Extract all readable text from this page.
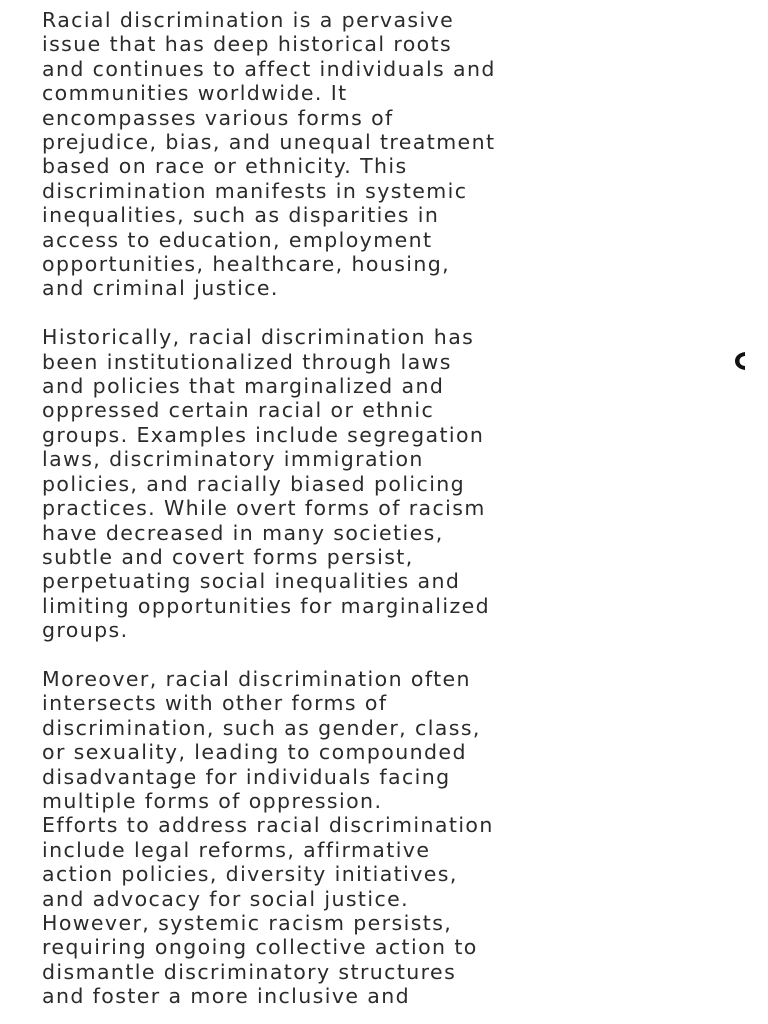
Racial discrimination is a pervasive
issue that has deep historical roots
and continues to affect individuals and
communities worldwide. It
encompasses various forms of
prejudice, bias, and unequal treatment
based on race or ethnicity. This
discrimination manifests in systemic
inequalities, such as disparities in
access to education, employment
opportunities, healthcare, housing,
and criminal justice.

Historically, racial discrimination has
been institutionalized through laws
and policies that marginalized and
oppressed certain racial or ethnic
groups. Examples include segregation
laws, discriminatory immigration
policies, and racially biased policing
practices. While overt forms of racism
have decreased in many societies,
subtle and covert forms persist,
perpetuating social inequalities and
limiting opportunities for marginalized
groups.

Moreover, racial discrimination often
intersects with other forms of
discrimination, such as gender, class,
or sexuality, leading to compounded
disadvantage for individuals facing
multiple forms of oppression.
Efforts to address racial discrimination
include legal reforms, affirmative
action policies, diversity initiatives,
and advocacy for social justice.
However, systemic racism persists,
requiring ongoing collective action to
dismantle discriminatory structures
and foster a more inclusive and
